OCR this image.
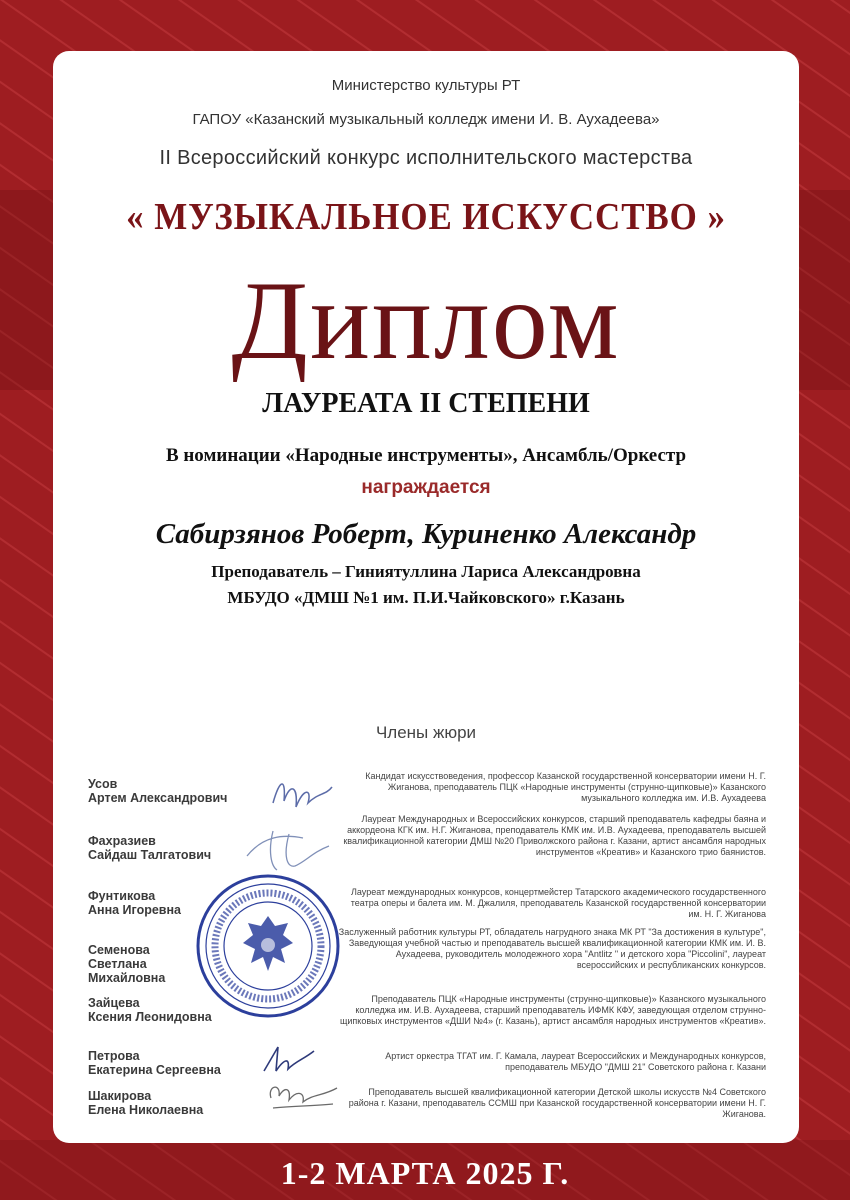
Министерство культуры РТ
ГАПОУ «Казанский музыкальный колледж имени И. В. Аухадеева»
II Всероссийский конкурс исполнительского мастерства
« МУЗЫКАЛЬНОЕ ИСКУССТВО »
Диплом
ЛАУРЕАТА II СТЕПЕНИ
В номинации «Народные инструменты», Ансамбль/Оркестр
награждается
Сабирзянов Роберт, Куриненко Александр
Преподаватель – Гиниятуллина Лариса Александровна
МБУДО «ДМШ №1 им. П.И.Чайковского» г.Казань
Члены жюри
Усов
Артем Александрович
Кандидат искусствоведения, профессор Казанской государственной консерватории имени Н. Г. Жиганова, преподаватель ПЦК «Народные инструменты (струнно-щипковые)» Казанского музыкального колледжа им. И.В. Аухадеева
Фахразиев
Сайдаш Талгатович
Лауреат Международных и Всероссийских конкурсов, старший преподаватель кафедры баяна и аккордеона КГК им. Н.Г. Жиганова, преподаватель КМК им. И.В. Аухадеева, преподаватель высшей квалификационной категории ДМШ №20 Приволжского района г. Казани, артист ансамбля народных инструментов «Креатив» и Казанского трио баянистов.
Фунтикова
Анна Игоревна
Лауреат международных конкурсов, концертмейстер Татарского академического государственного театра оперы и балета им. М. Джалиля, преподаватель Казанской государственной консерватории им. Н. Г. Жиганова
Семенова
Светлана
Михайловна
Заслуженный работник культуры РТ, обладатель нагрудного знака МК РТ "За достижения в культуре", Заведующая учебной частью и преподаватель высшей квалификационной категории КМК им. И. В. Аухадеева, руководитель молодежного хора "Antlitz " и детского хора "Piccolini", лауреат всероссийских и республиканских конкурсов.
Зайцева
Ксения Леонидовна
Преподаватель ПЦК «Народные инструменты (струнно-щипковые)» Казанского музыкального колледжа им. И.В. Аухадеева, старший преподаватель ИФМК КФУ, заведующая отделом струнно-щипковых инструментов «ДШИ №4» (г. Казань), артист ансамбля народных инструментов «Креатив».
Петрова
Екатерина Сергеевна
Артист оркестра ТГАТ им. Г. Камала, лауреат Всероссийских и Международных конкурсов, преподаватель МБУДО "ДМШ 21" Советского района г. Казани
Шакирова
Елена Николаевна
Преподаватель высшей квалификационной категории Детской школы искусств №4 Советского района г. Казани, преподаватель ССМШ при Казанской государственной консерватории имени Н. Г. Жиганова.
1-2 МАРТА 2025 Г.
